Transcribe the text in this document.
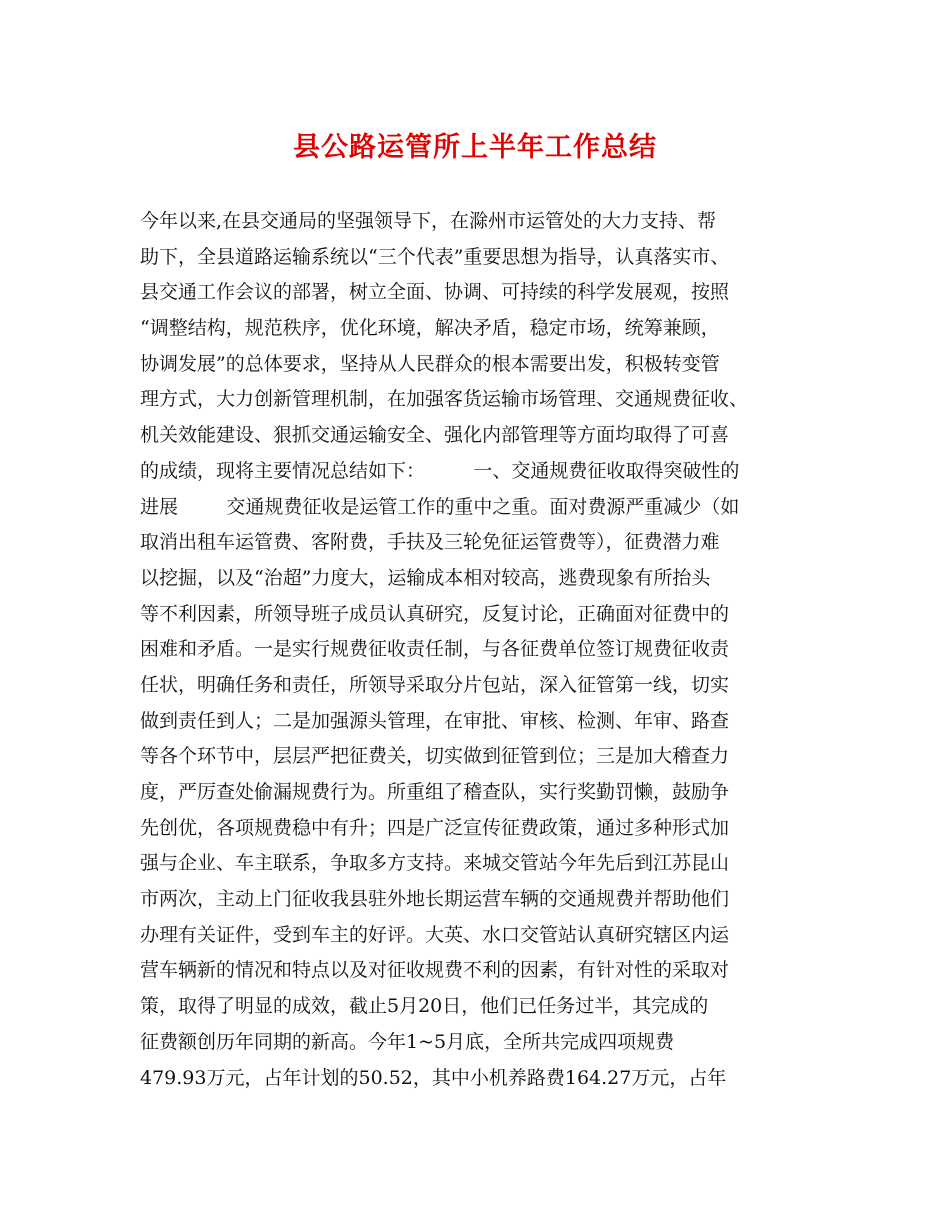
县公路运管所上半年工作总结
今年以来,在县交通局的坚强领导下，在滁州市运管处的大力支持、帮
助下，全县道路运输系统以“三个代表”重要思想为指导，认真落实市、
县交通工作会议的部署，树立全面、协调、可持续的科学发展观，按照
“调整结构，规范秩序，优化环境，解决矛盾，稳定市场，统筹兼顾，
协调发展”的总体要求，坚持从人民群众的根本需要出发，积极转变管
理方式，大力创新管理机制，在加强客货运输市场管理、交通规费征收、
机关效能建设、狠抓交通运输安全、强化内部管理等方面均取得了可喜
的成绩，现将主要情况总结如下：        一、交通规费征收取得突破性的
进展        交通规费征收是运管工作的重中之重。面对费源严重减少（如
取消出租车运管费、客附费，手扶及三轮免征运管费等），征费潜力难
以挖掘，以及“治超”力度大，运输成本相对较高，逃费现象有所抬头
等不利因素，所领导班子成员认真研究，反复讨论，正确面对征费中的
困难和矛盾。一是实行规费征收责任制，与各征费单位签订规费征收责
任状，明确任务和责任，所领导采取分片包站，深入征管第一线，切实
做到责任到人；二是加强源头管理，在审批、审核、检测、年审、路查
等各个环节中，层层严把征费关，切实做到征管到位；三是加大稽查力
度，严厉查处偷漏规费行为。所重组了稽查队，实行奖勤罚懒，鼓励争
先创优，各项规费稳中有升；四是广泛宣传征费政策，通过多种形式加
强与企业、车主联系，争取多方支持。来城交管站今年先后到江苏昆山
市两次，主动上门征收我县驻外地长期运营车辆的交通规费并帮助他们
办理有关证件，受到车主的好评。大英、水口交管站认真研究辖区内运
营车辆新的情况和特点以及对征收规费不利的因素，有针对性的采取对
策，取得了明显的成效，截止5月20日，他们已任务过半，其完成的
征费额创历年同期的新高。今年1~5月底，全所共完成四项规费
479.93万元，占年计划的50.52，其中小机养路费164.27万元，占年
